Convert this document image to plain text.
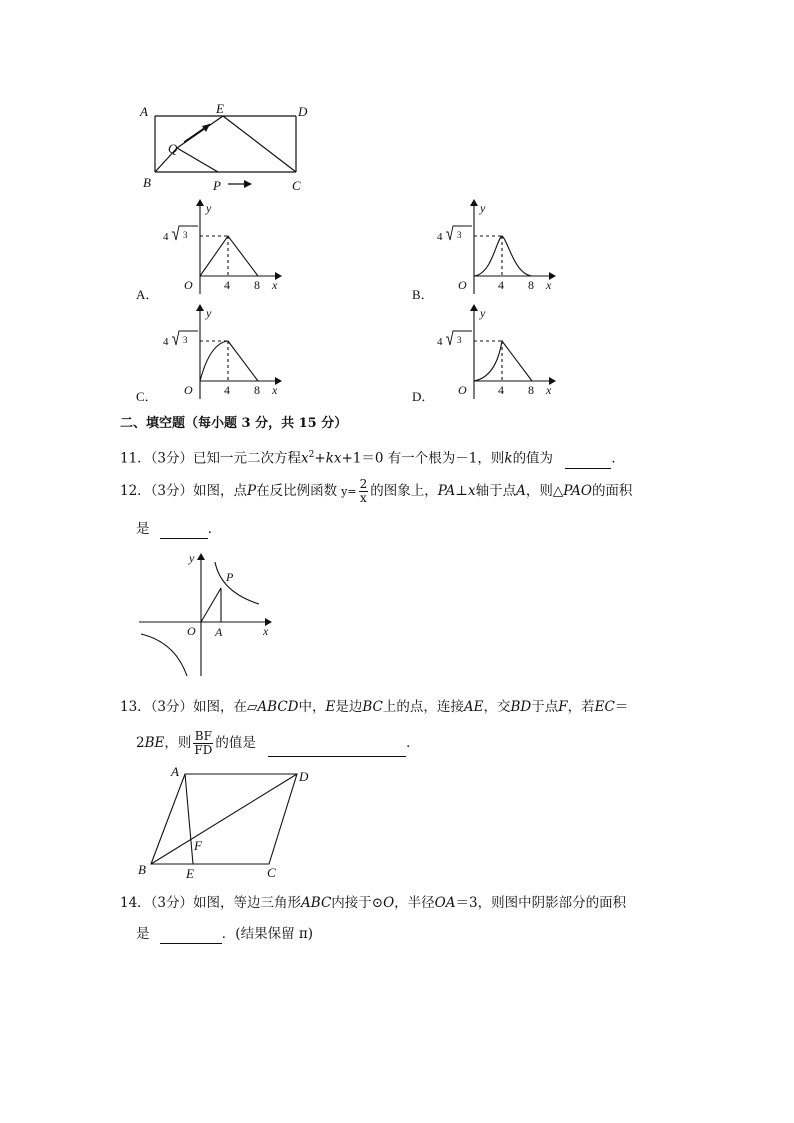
A	E	D
Q
B	P	C
A．
y
x
O	4 8
4 3
B．
y
x
O	4 8
4 3
C．
y
x
O	4 8
4 3
D．
y
x
O	4 8
4 3
二、填空题（每小题 3 分，共 15 分）
11．（3分）已知一元二次方程$x^2+kx+1=0$ 有一个根为－1，则k的值为	．
12．（3分）如图，点P在反比例函数 $y= \frac{2}{x}$ 的图象上，PA⊥x轴于点A，则△PAO的面积
是	．
y
x
O A
P
13．（3分）如图，在▱ABCD中，E是边BC上的点，连接AE，交BD于点F，若EC＝
2BE，则 $\frac{BF}{FD}$ 的值是	．
A	D
F
B	E	C
14．（3分）如图，等边三角形ABC内接于⊙O，半径OA＝3，则图中阴影部分的面积
是	．(结果保留 π)
